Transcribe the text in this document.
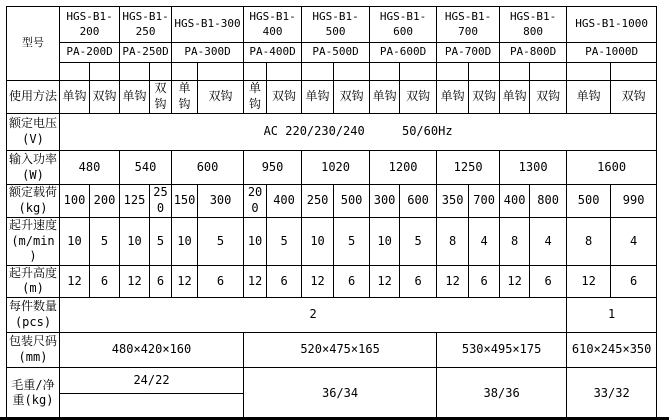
型号	HGS-B1-200		HGS-B1-250		HGS-B1-300		HGS-B1-400		HGS-B1-500		HGS-B1-600		HGS-B1-700		HGS-B1-800		HGS-B1-1000	
	PA-200D		PA-250D		PA-300D		PA-400D		PA-500D		PA-600D		PA-700D		PA-800D		PA-1000D	

使用方法	单钩	双钩	单钩	双钩	单钩	双钩	单钩	双钩	单钩	双钩	单钩	双钩	单钩	双钩	单钩	双钩	单钩	双钩

额定电压
(V)	AC 220/230/240 50/60Hz																	

输入功率
(W)	480		540		600		950		1020		1200		1250		1300		1600	

额定载荷
(kg)	100	200	125	250	150	300	200	400	250	500	300	600	350	700	400	800	500	990

起升速度
(m/min)	10	5	10	5	10	5	10	5	10	5	10	5	8	4	8	4	8	4

起升高度
(m)	12	6	12	6	12	6	12	6	12	6	12	6	12	6	12	6	12	6

每件数量
(pcs)	2																1	

包装尺码
(mm)	480×420×160						520×475×165						530×495×175				610×245×350	

毛重/净
重(kg)	24/22						36/34						38/36				33/32	
